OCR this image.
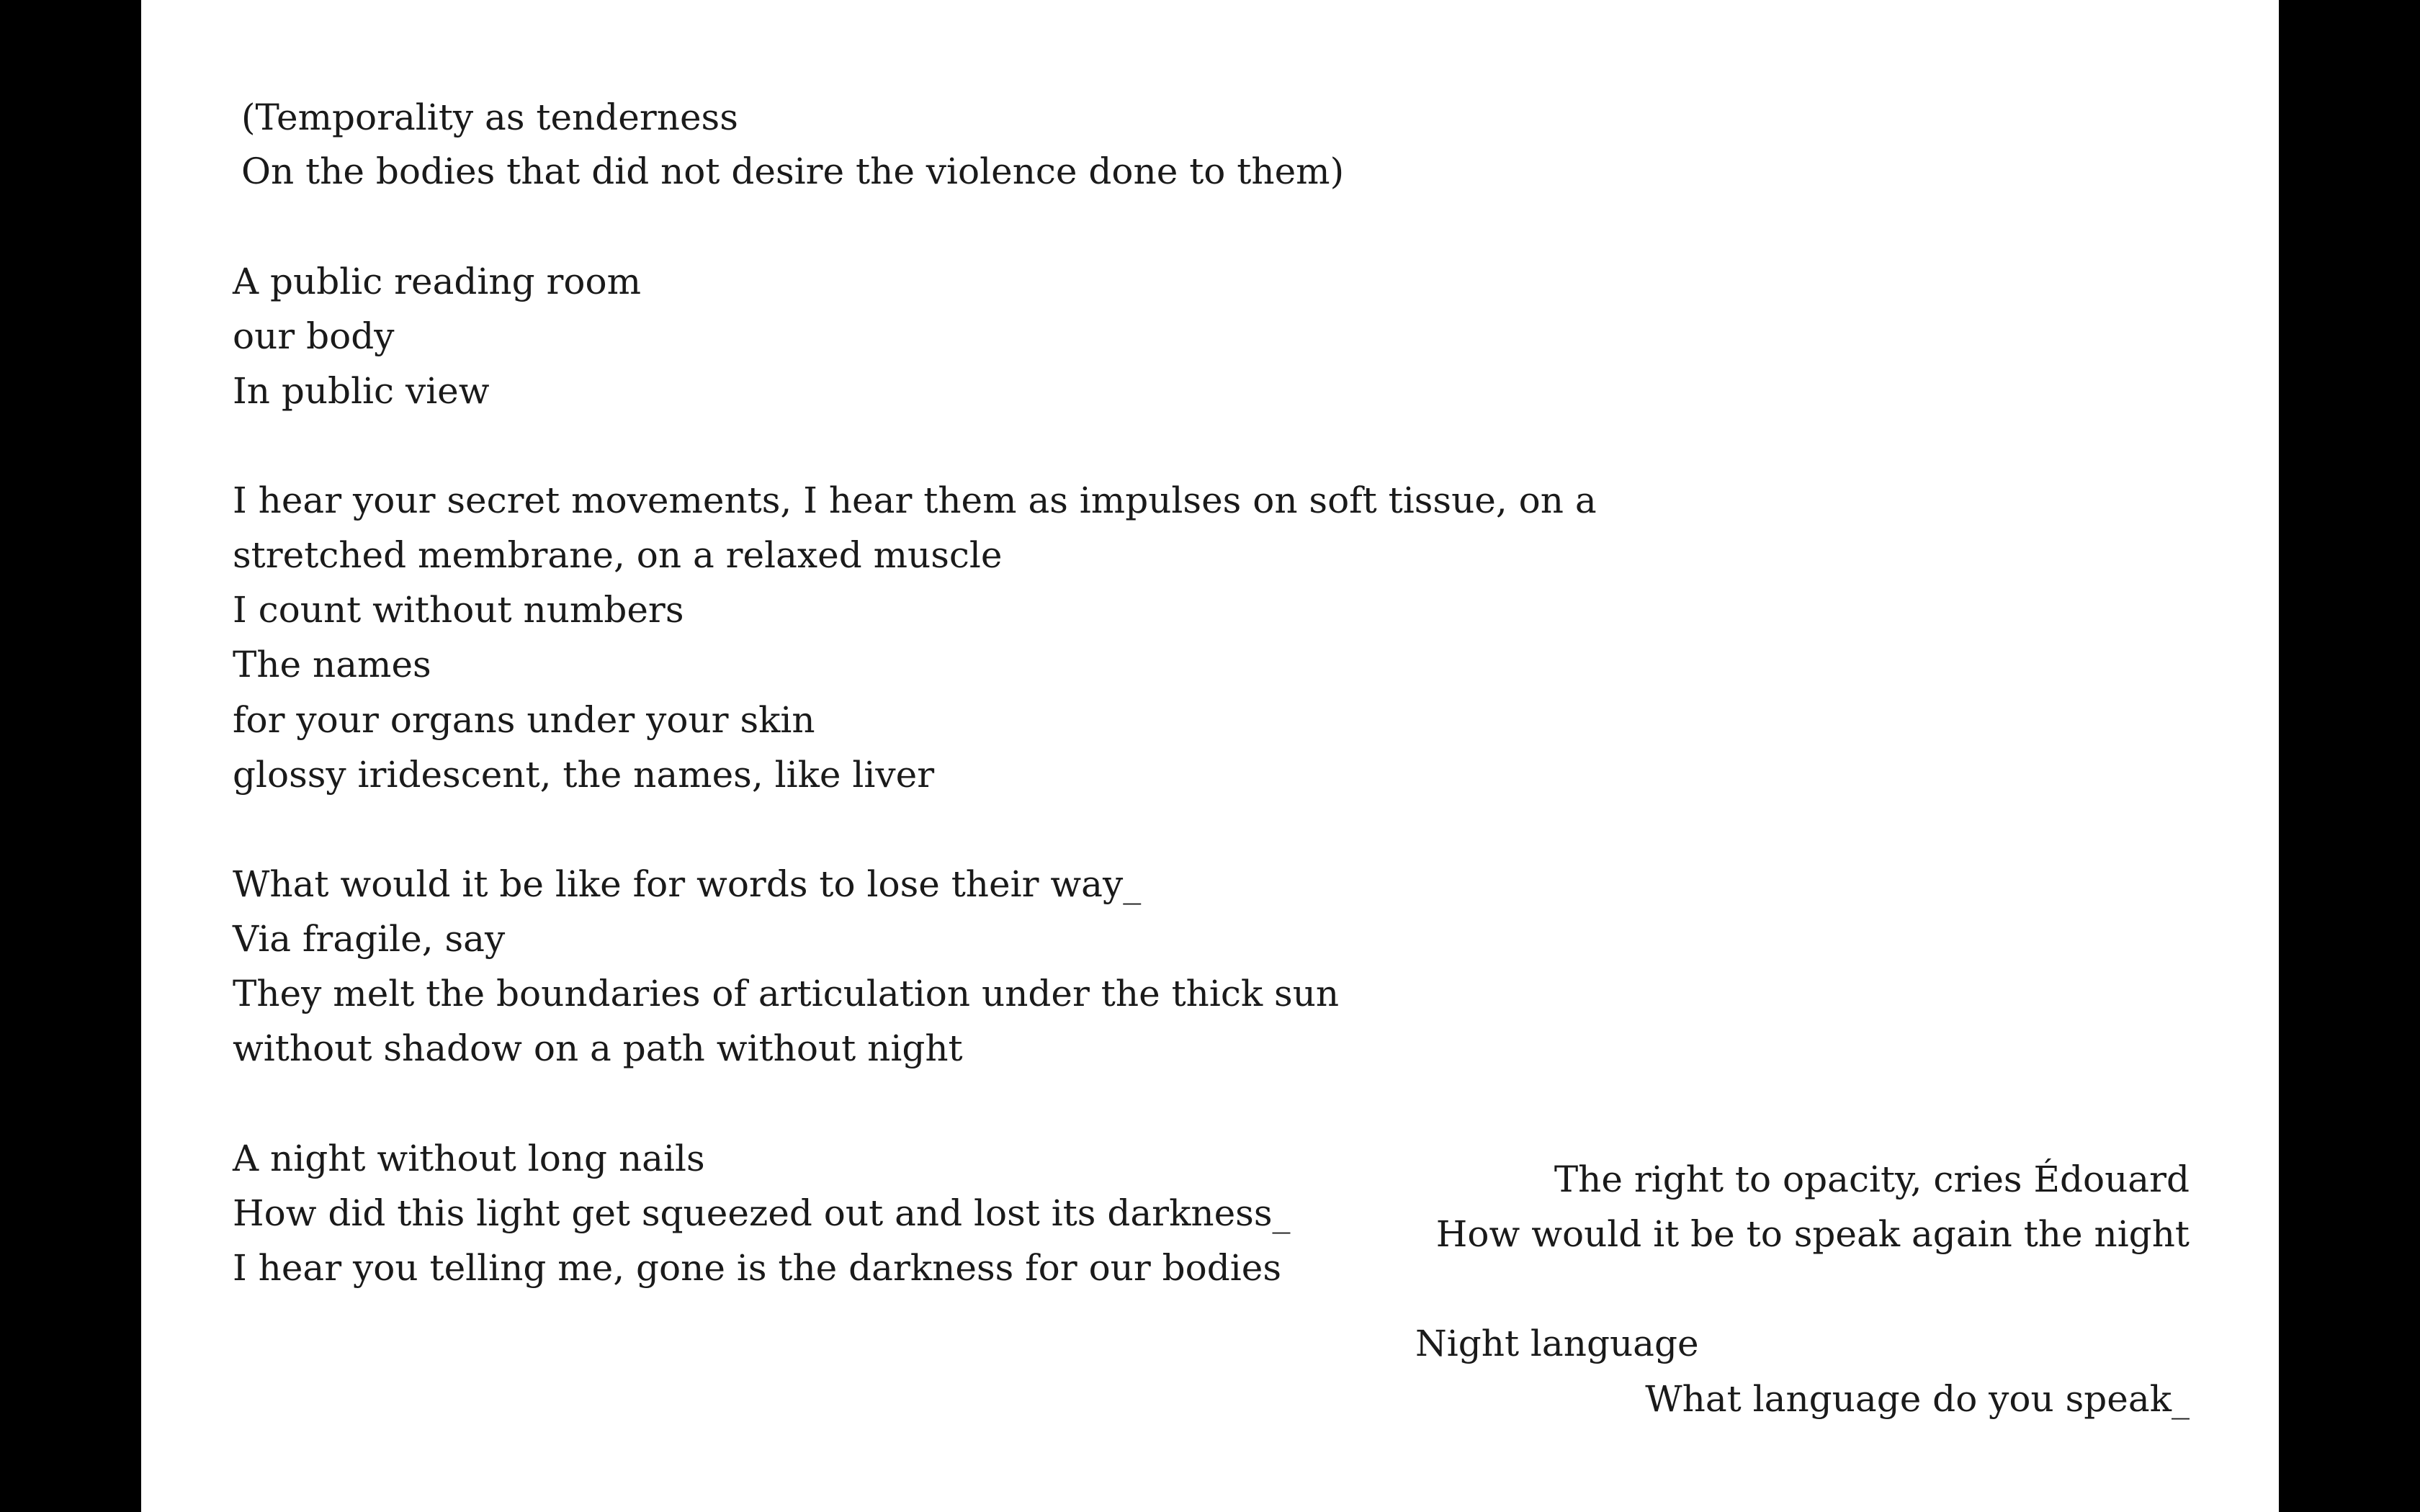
(Temporality as tenderness

On the bodies that did not desire the violence done to them)

A public reading room

our body

In public view

I hear your secret movements, I hear them as impulses on soft tissue, on a

stretched membrane, on a relaxed muscle

I count without numbers

The names

for your organs under your skin

glossy iridescent, the names, like liver

What would it be like for words to lose their way_

Via fragile, say

They melt the boundaries of articulation under the thick sun

without shadow on a path without night

A night without long nails

How did this light get squeezed out and lost its darkness_

I hear you telling me, gone is the darkness for our bodies

The right to opacity, cries Édouard

How would it be to speak again the night

Night language

What language do you speak_
